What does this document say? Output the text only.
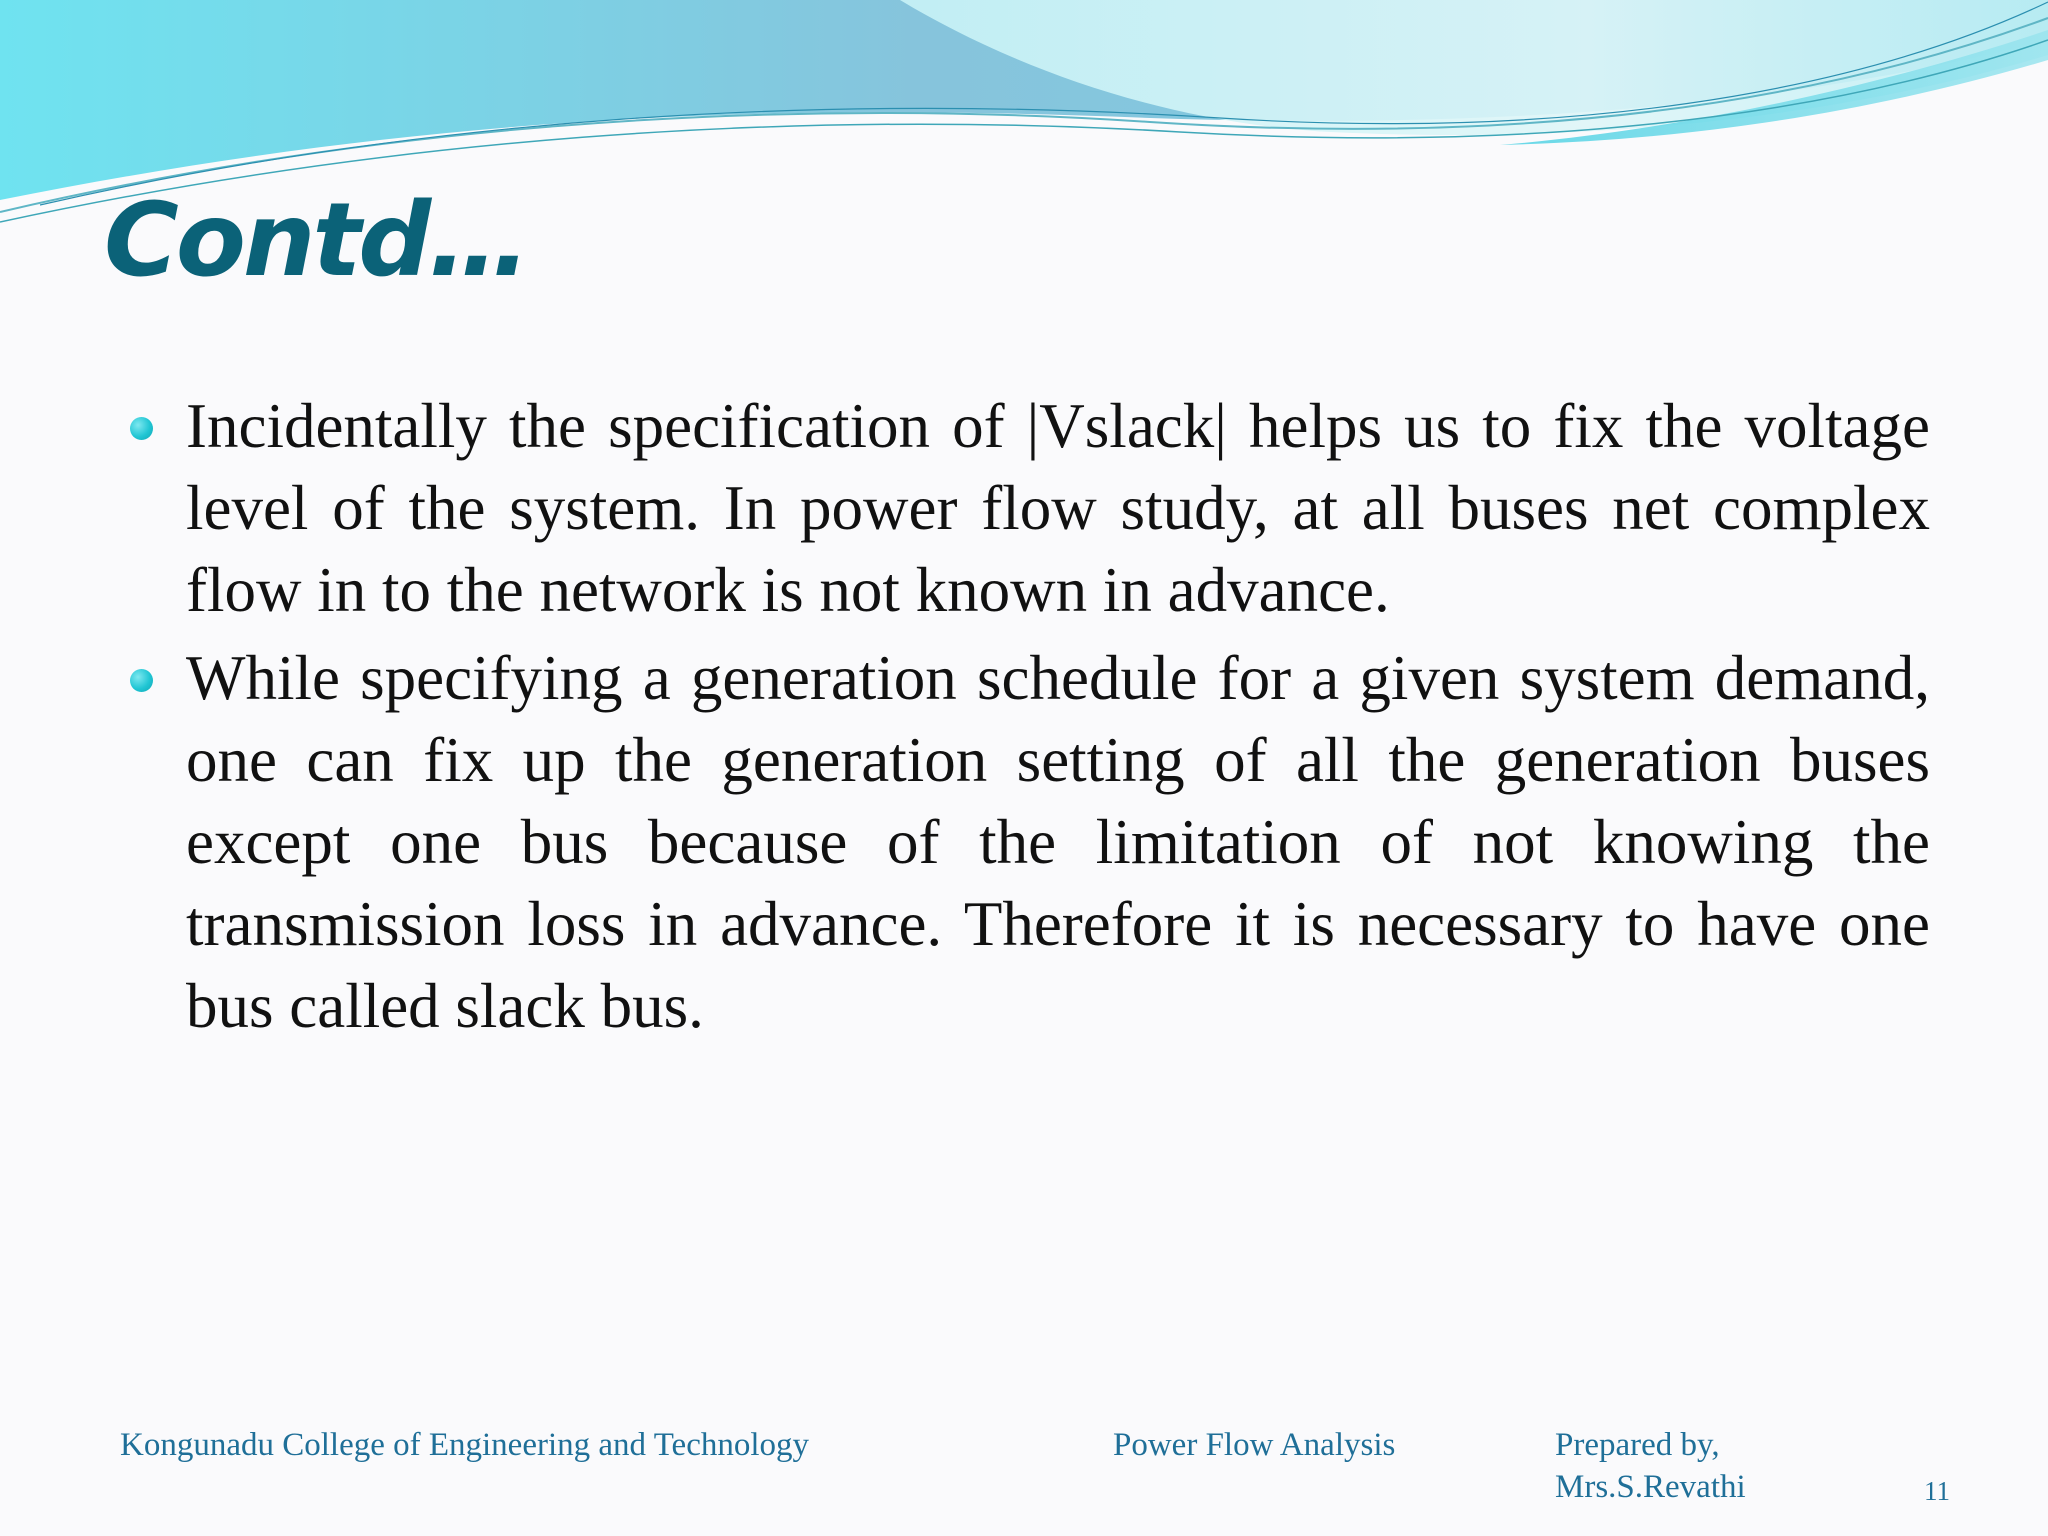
Contd…
Incidentally the specification of |Vslack| helps us to fix the voltage level of the system. In power flow study, at all buses net complex flow in to the network is not known in advance.
While specifying a generation schedule for a given system demand, one can fix up the generation setting of all the generation buses except one bus because of the limitation of not knowing the transmission loss in advance. Therefore it is necessary to have one bus called slack bus.
Kongunadu College of Engineering and Technology	Power Flow Analysis	Prepared by,
Mrs.S.Revathi	11
